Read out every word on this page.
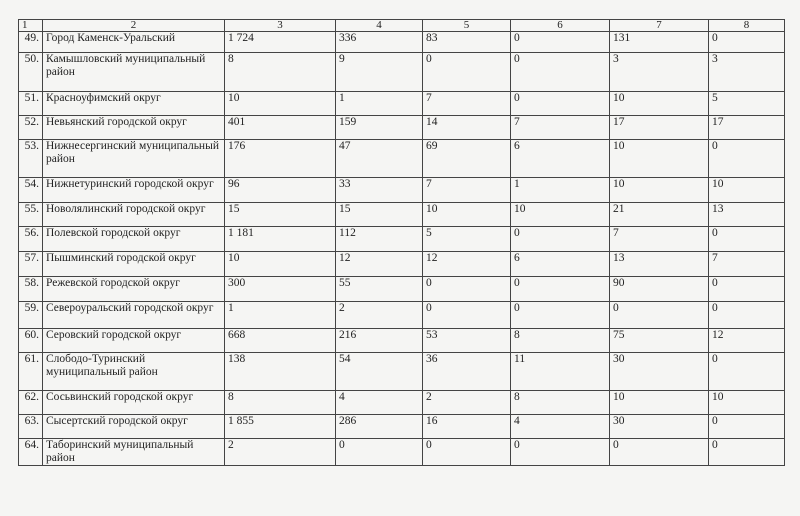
1	2	3	4	5	6	7	8
49.	Город Каменск-Уральский	1 724	336	83	0	131	0
50.	Камышловский муниципальный район	8	9	0	0	3	3
51.	Красноуфимский округ	10	1	7	0	10	5
52.	Невьянский городской округ	401	159	14	7	17	17
53.	Нижнесергинский муниципальный район	176	47	69	6	10	0
54.	Нижнетуринский городской округ	96	33	7	1	10	10
55.	Новолялинский городской округ	15	15	10	10	21	13
56.	Полевской городской округ	1 181	112	5	0	7	0
57.	Пышминский городской округ	10	12	12	6	13	7
58.	Режевской городской округ	300	55	0	0	90	0
59.	Североуральский городской округ	1	2	0	0	0	0
60.	Серовский городской округ	668	216	53	8	75	12
61.	Слободо-Туринский муниципальный район	138	54	36	11	30	0
62.	Сосьвинский городской округ	8	4	2	8	10	10
63.	Сысертский городской округ	1 855	286	16	4	30	0
64.	Таборинский муниципальный район	2	0	0	0	0	0
